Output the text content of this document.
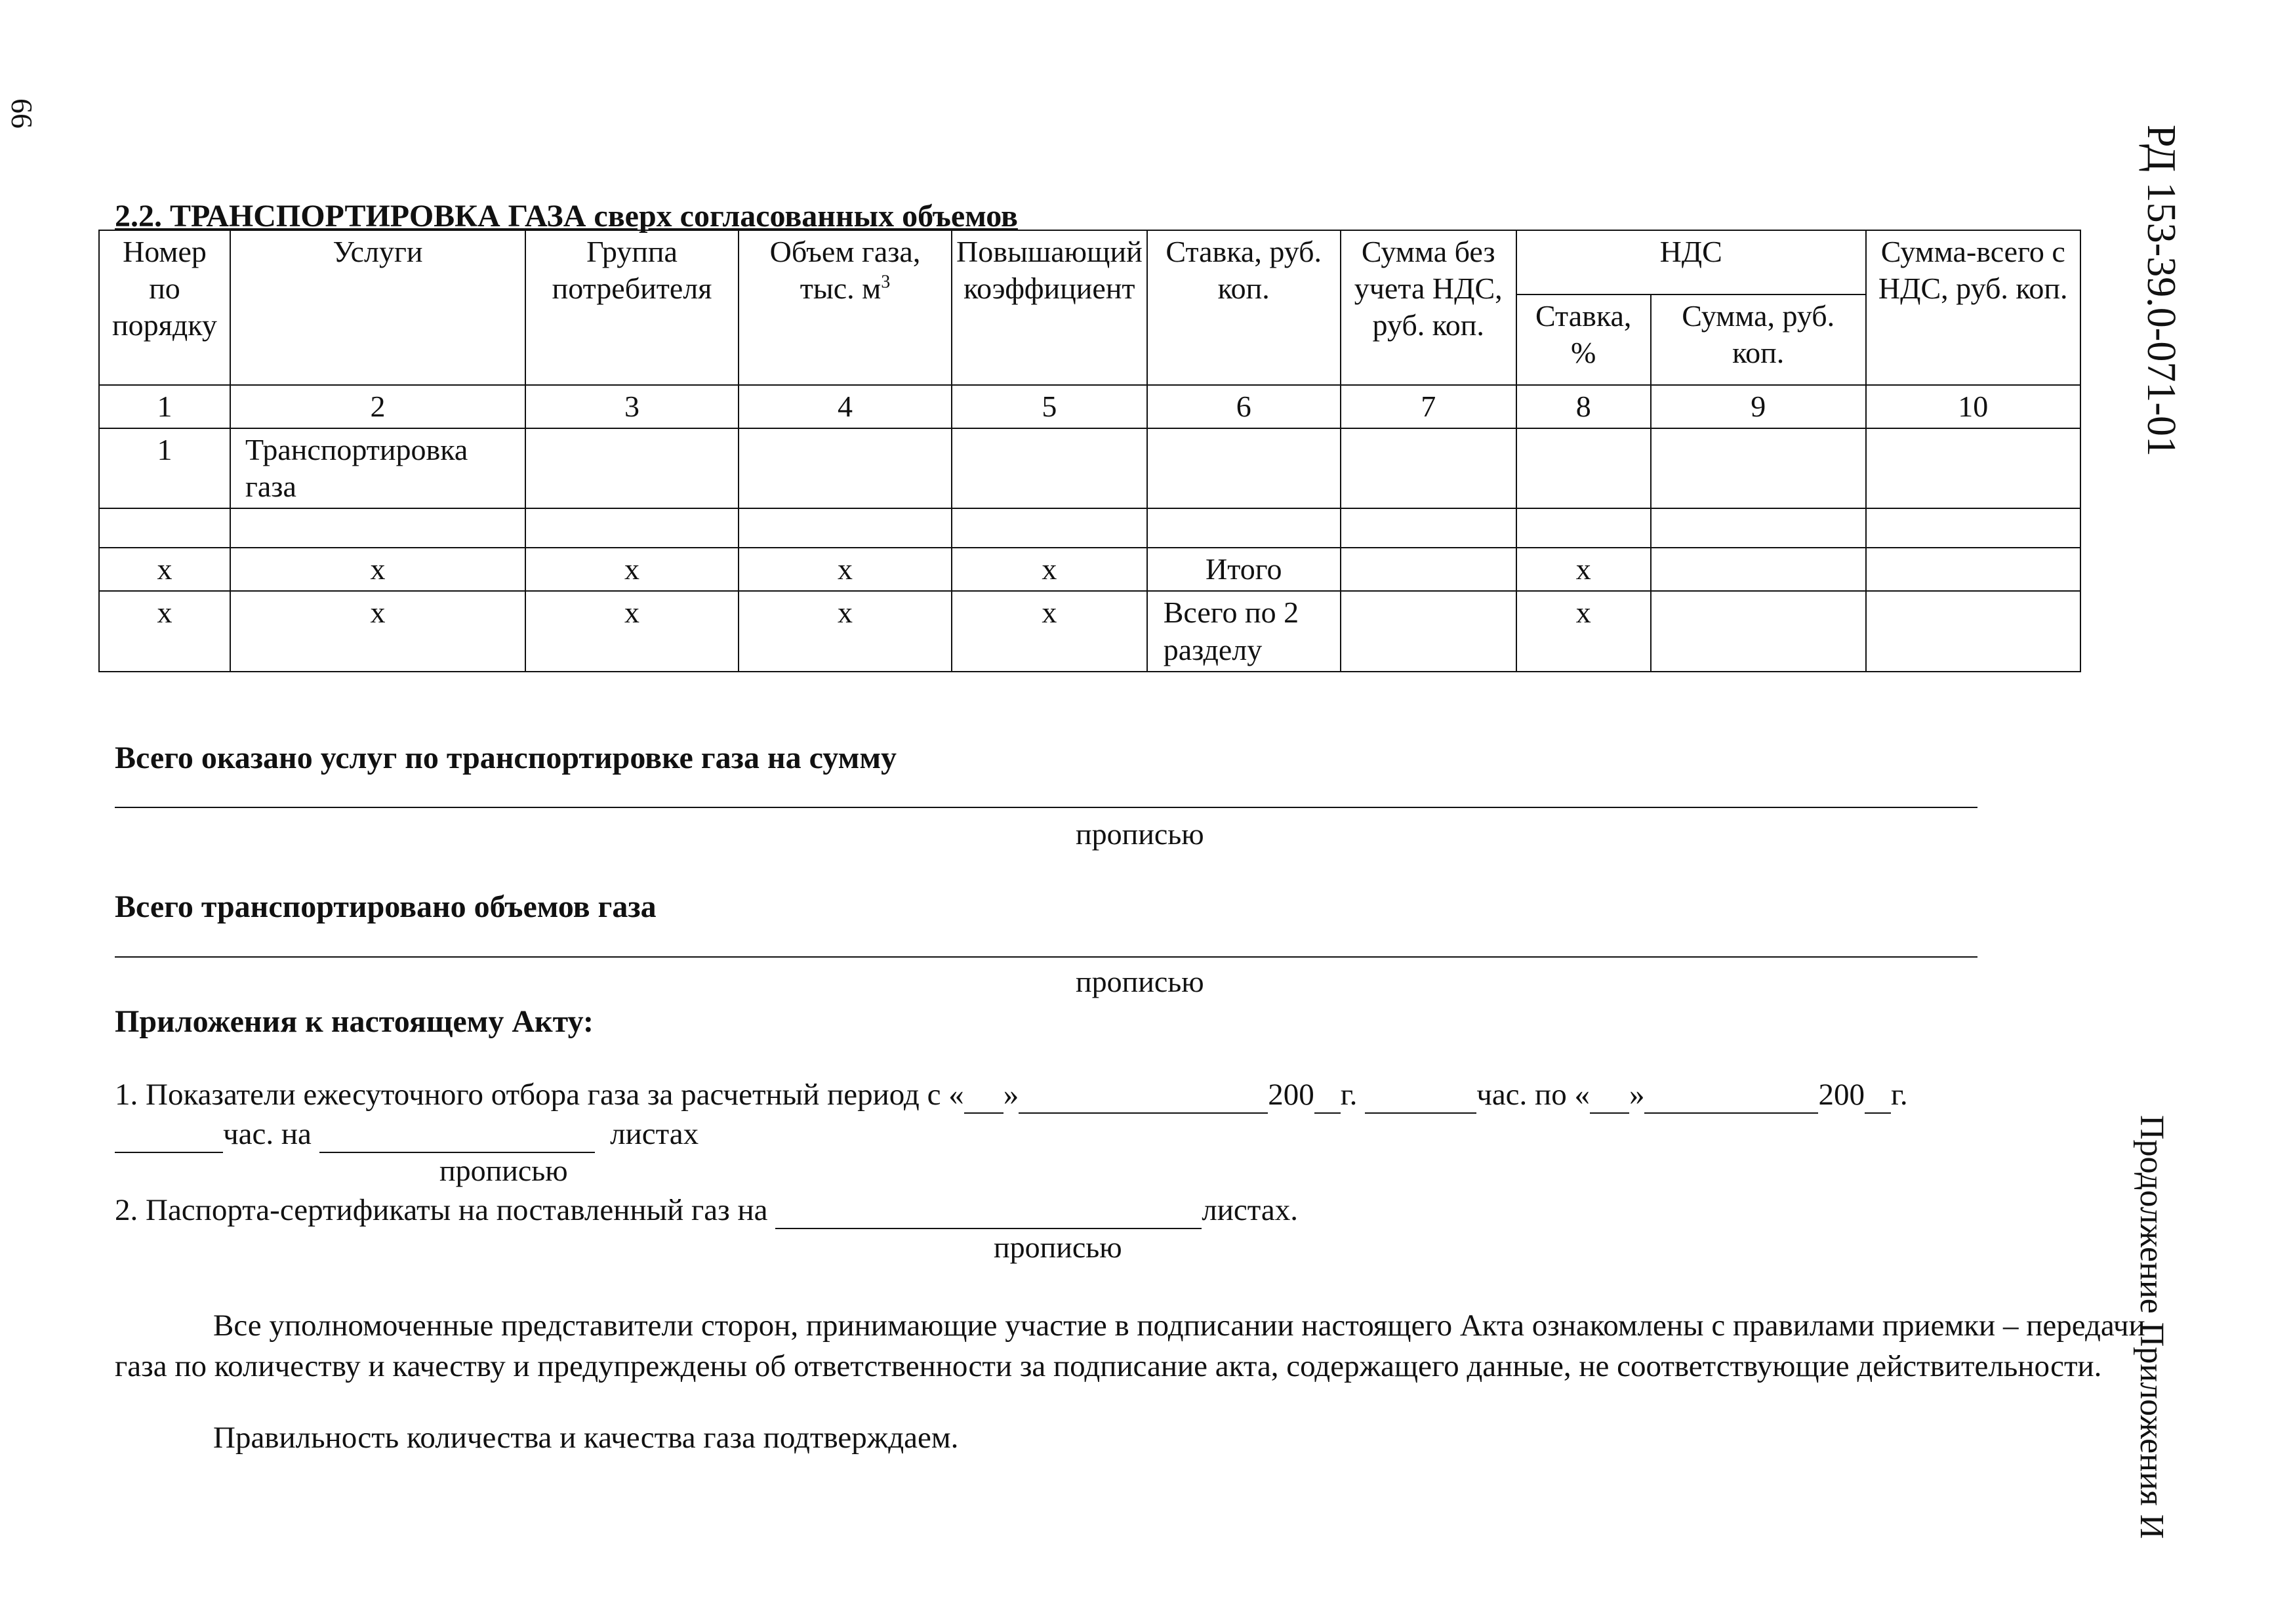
66
РД 153-39.0-071-01
Продолжение Приложения И
2.2. ТРАНСПОРТИРОВКА ГАЗА сверх согласованных объемов
Номер по порядку	Услуги	Группа потребителя	Объем газа, тыс. $м^3$	Повышающий коэффициент	Ставка, руб. коп.	Сумма без учета НДС, руб. коп.	НДС		Сумма-всего с НДС, руб. коп.
							Ставка, %	Сумма, руб. коп.	
1	2	3	4	5	6	7	8	9	10
1	Транспортировка газа								

х	х	х	х	х	Итого		х		
х	х	х	х	х	Всего по 2 разделу		х		
Всего оказано услуг по транспортировке газа на сумму
прописью
Всего транспортировано объемов газа
прописью
Приложения к настоящему Акту:
1. Показатели ежесуточного отбора газа за расчетный период с « »	200 г.	час. по « »	200 г.
час. на	листах
прописью
2. Паспорта-сертификаты на поставленный газ на	листах.
прописью
Все уполномоченные представители сторон, принимающие участие в подписании настоящего Акта ознакомлены с правилами приемки – передачи газа по количеству и качеству и предупреждены об ответственности за подписание акта, содержащего данные, не соответствующие действительности.
Правильность количества и качества газа подтверждаем.
